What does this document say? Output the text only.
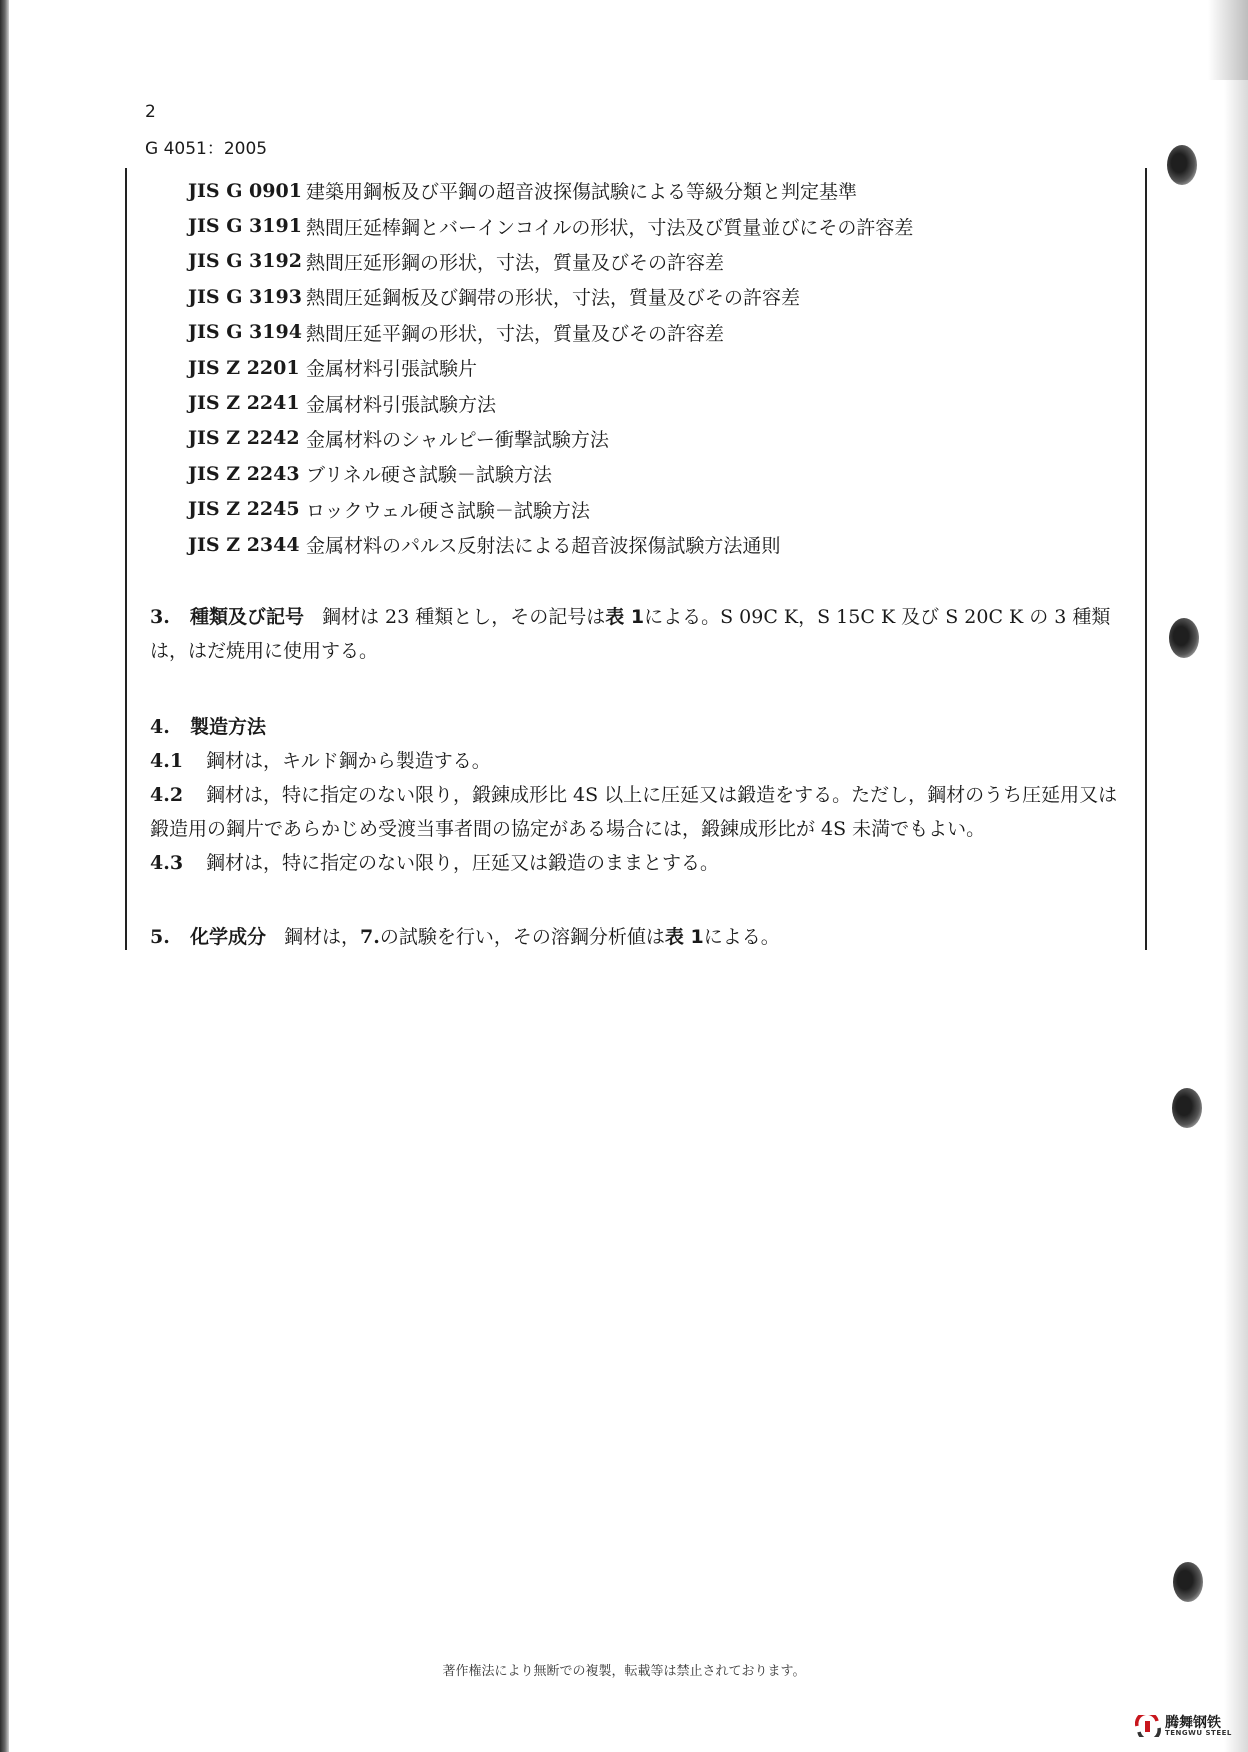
2
G 4051：2005
JIS G 0901 建築用鋼板及び平鋼の超音波探傷試験による等級分類と判定基準
JIS G 3191 熱間圧延棒鋼とバーインコイルの形状，寸法及び質量並びにその許容差
JIS G 3192 熱間圧延形鋼の形状，寸法，質量及びその許容差
JIS G 3193 熱間圧延鋼板及び鋼帯の形状，寸法，質量及びその許容差
JIS G 3194 熱間圧延平鋼の形状，寸法，質量及びその許容差
JIS Z 2201 金属材料引張試験片
JIS Z 2241 金属材料引張試験方法
JIS Z 2242 金属材料のシャルピー衝撃試験方法
JIS Z 2243 ブリネル硬さ試験－試験方法
JIS Z 2245 ロックウェル硬さ試験－試験方法
JIS Z 2344 金属材料のパルス反射法による超音波探傷試験方法通則
3. 種類及び記号 鋼材は 23 種類とし，その記号は表 1による。S 09C K，S 15C K 及び S 20C K の 3 種類は，はだ焼用に使用する。
4. 製造方法
4.1 鋼材は，キルド鋼から製造する。
4.2 鋼材は，特に指定のない限り，鍛錬成形比 4S 以上に圧延又は鍛造をする。ただし，鋼材のうち圧延用又は鍛造用の鋼片であらかじめ受渡当事者間の協定がある場合には，鍛錬成形比が 4S 未満でもよい。
4.3 鋼材は，特に指定のない限り，圧延又は鍛造のままとする。
5. 化学成分 鋼材は，7.の試験を行い，その溶鋼分析値は表 1による。
著作権法により無断での複製，転載等は禁止されております。
腾舞钢铁
TENGWU STEEL
